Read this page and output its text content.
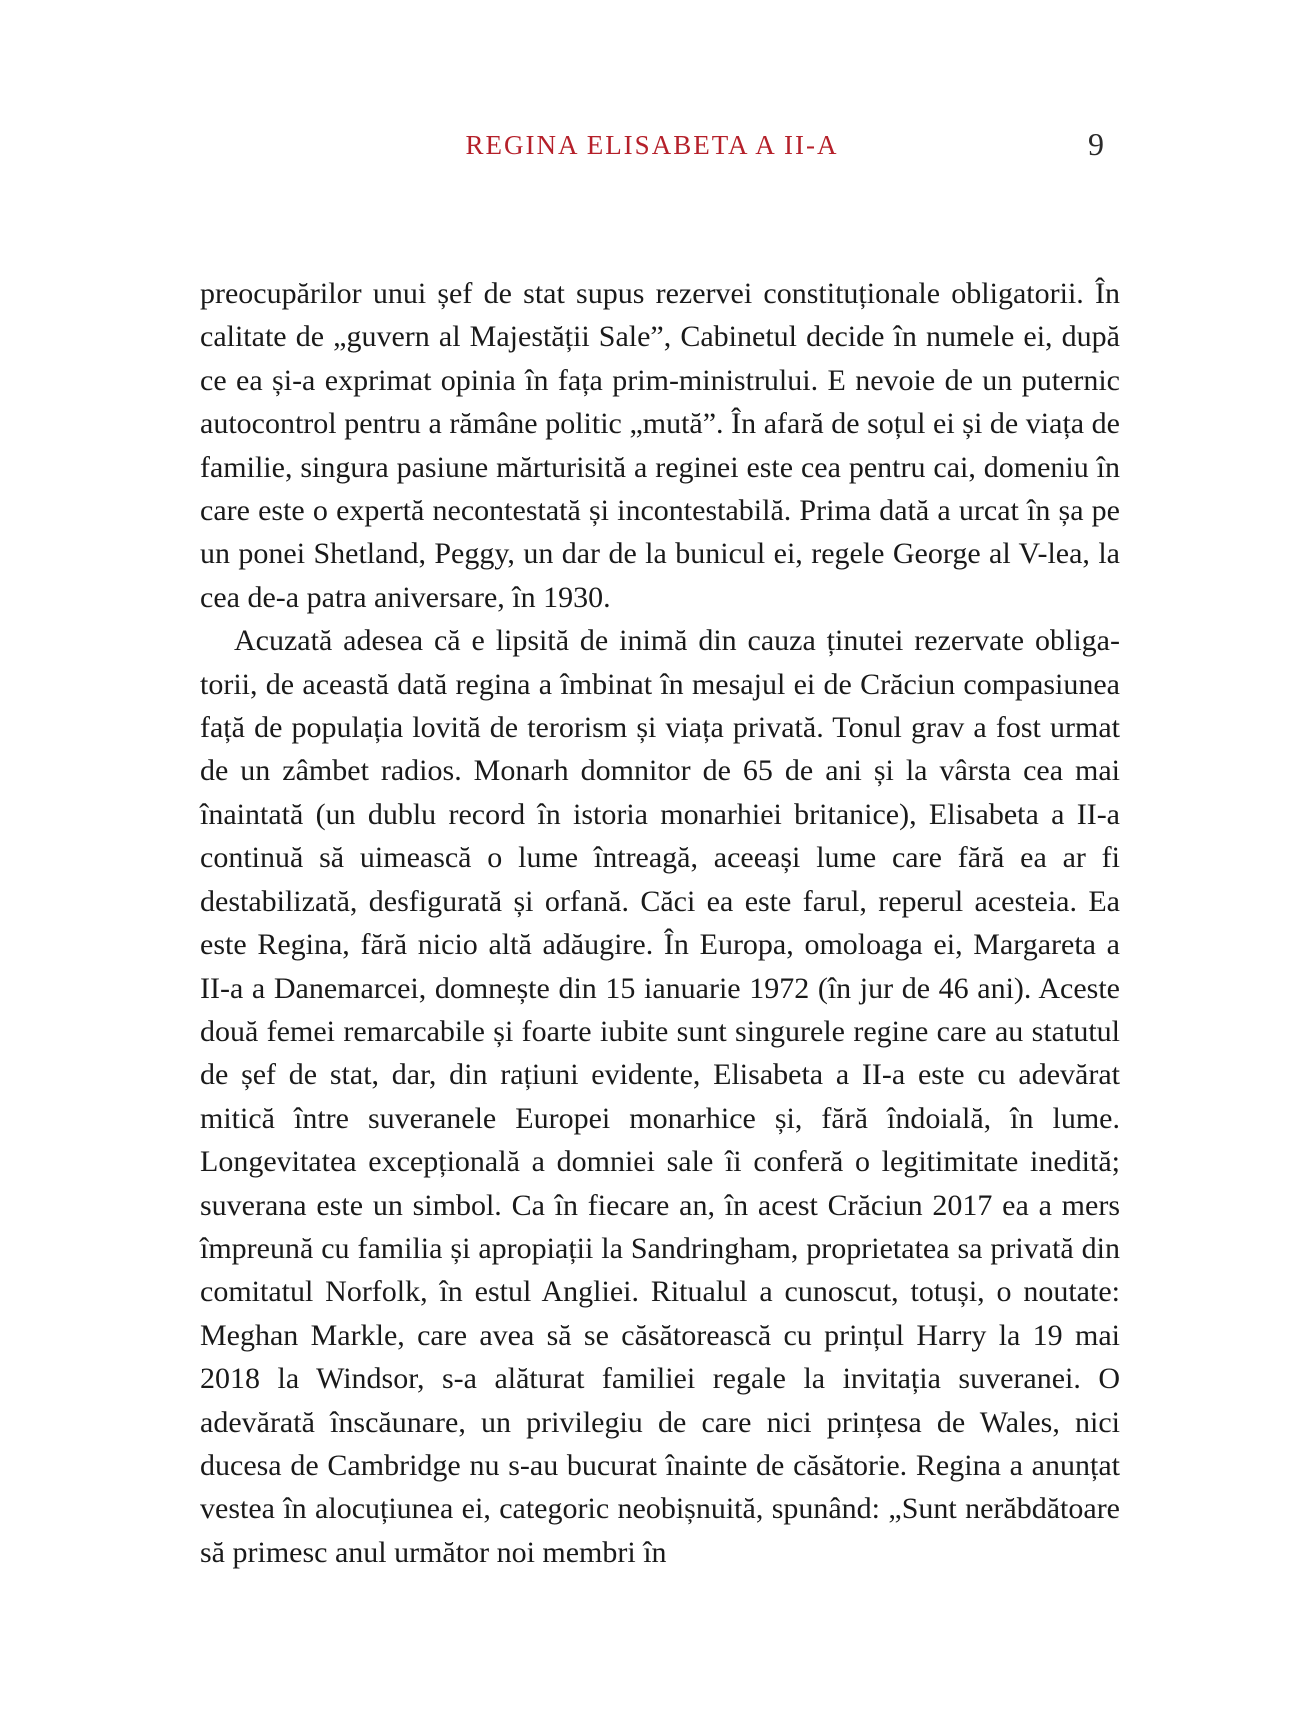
REGINA ELISABETA A II-A	9

preocupărilor unui șef de stat supus rezervei constituționale obligatorii. În calitate de „guvern al Majestății Sale”, Cabinetul decide în numele ei, după ce ea și-a exprimat opinia în fața prim-ministrului. E nevoie de un puternic autocontrol pentru a rămâne politic „mută”. În afară de soțul ei și de viața de familie, singura pasiune mărturisită a reginei este cea pentru cai, domeniu în care este o expertă necontestată și incontestabilă. Prima dată a urcat în șa pe un ponei Shetland, Peggy, un dar de la bunicul ei, regele George al V-lea, la cea de-a patra aniversare, în 1930.

Acuzată adesea că e lipsită de inimă din cauza ținutei rezervate obligatorii, de această dată regina a îmbinat în mesajul ei de Crăciun compasiunea față de populația lovită de terorism și viața privată. Tonul grav a fost urmat de un zâmbet radios. Monarh domnitor de 65 de ani și la vârsta cea mai înaintată (un dublu record în istoria monarhiei britanice), Elisabeta a II-a continuă să uimească o lume întreagă, aceeași lume care fără ea ar fi destabilizată, desfigurată și orfană. Căci ea este farul, reperul acesteia. Ea este Regina, fără nicio altă adăugire. În Europa, omoloaga ei, Margareta a II-a a Danemarcei, domnește din 15 ianuarie 1972 (în jur de 46 ani). Aceste două femei remarcabile și foarte iubite sunt singurele regine care au statutul de șef de stat, dar, din rațiuni evidente, Elisabeta a II-a este cu adevărat mitică între suveranele Europei monarhice și, fără îndoială, în lume. Longevitatea excepțională a domniei sale îi conferă o legitimitate inedită; suverana este un simbol. Ca în fiecare an, în acest Crăciun 2017 ea a mers împreună cu familia și apropiații la Sandringham, proprietatea sa privată din comitatul Norfolk, în estul Angliei. Ritualul a cunoscut, totuși, o noutate: Meghan Markle, care avea să se căsătorească cu prințul Harry la 19 mai 2018 la Windsor, s-a alăturat familiei regale la invitația suveranei. O adevărată înscăunare, un privilegiu de care nici prințesa de Wales, nici ducesa de Cambridge nu s-au bucurat înainte de căsătorie. Regina a anunțat vestea în alocuțiunea ei, categoric neobișnuită, spunând: „Sunt nerăbdătoare să primesc anul următor noi membri în
